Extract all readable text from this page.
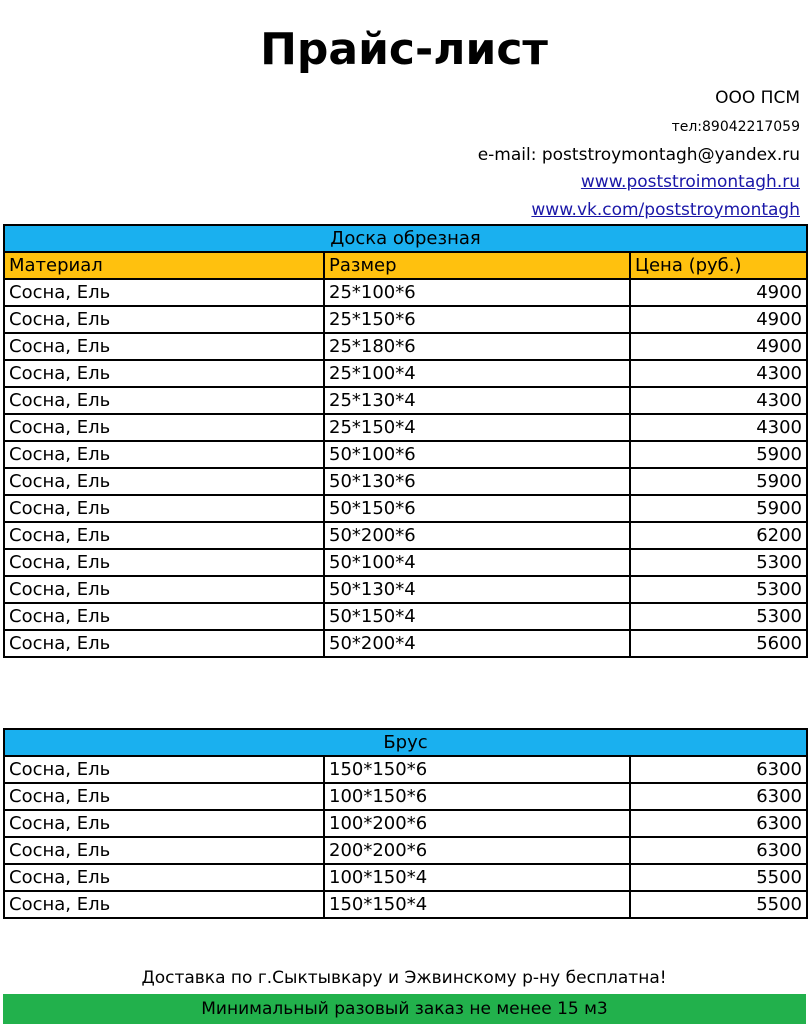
Прайс-лист
ООО ПСМ
тел:89042217059
e-mail: poststroymontagh@yandex.ru
www.poststroimontagh.ru
www.vk.com/poststroymontagh
Доска обрезная		
Материал	Размер	Цена (руб.)
Сосна, Ель	25*100*6	4900
Сосна, Ель	25*150*6	4900
Сосна, Ель	25*180*6	4900
Сосна, Ель	25*100*4	4300
Сосна, Ель	25*130*4	4300
Сосна, Ель	25*150*4	4300
Сосна, Ель	50*100*6	5900
Сосна, Ель	50*130*6	5900
Сосна, Ель	50*150*6	5900
Сосна, Ель	50*200*6	6200
Сосна, Ель	50*100*4	5300
Сосна, Ель	50*130*4	5300
Сосна, Ель	50*150*4	5300
Сосна, Ель	50*200*4	5600
Брус		
Сосна, Ель	150*150*6	6300
Сосна, Ель	100*150*6	6300
Сосна, Ель	100*200*6	6300
Сосна, Ель	200*200*6	6300
Сосна, Ель	100*150*4	5500
Сосна, Ель	150*150*4	5500
Доставка по г.Сыктывкару и Эжвинскому р-ну бесплатна!
Минимальный разовый заказ не менее 15 м3
